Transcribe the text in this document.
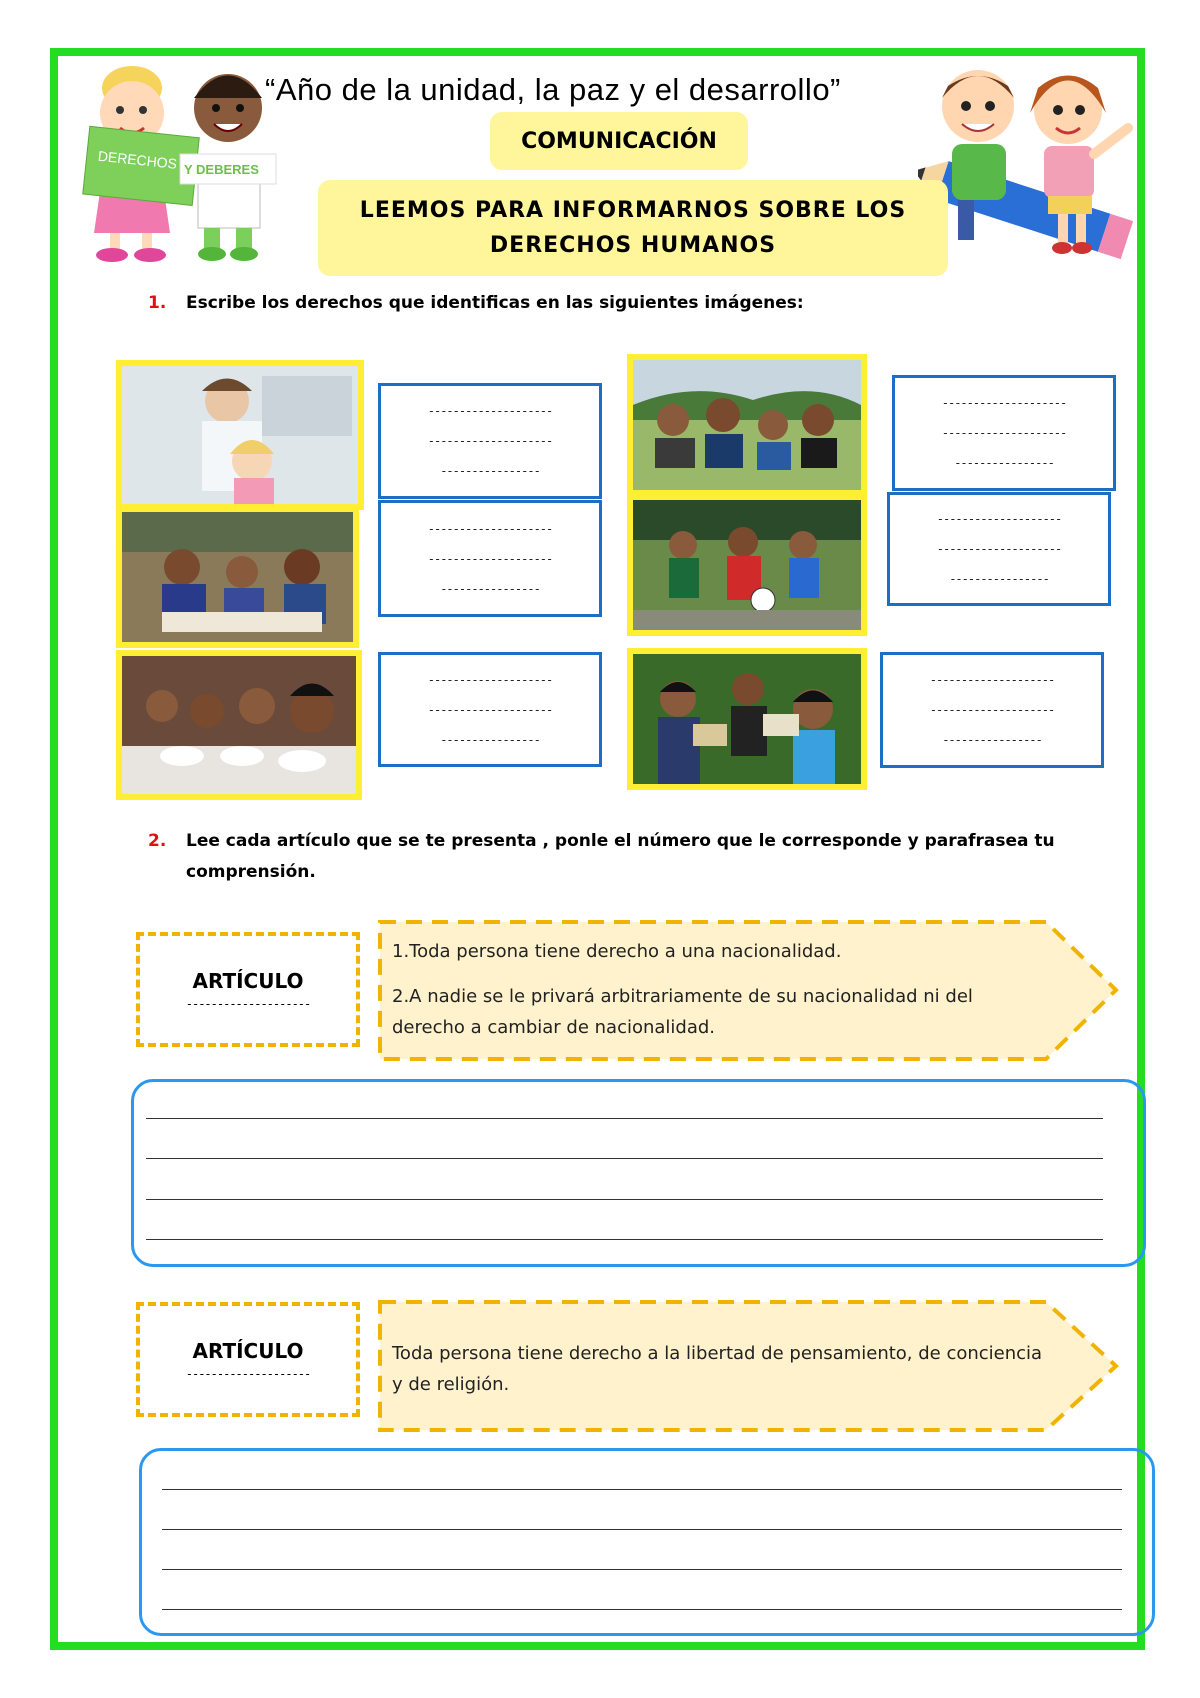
DERECHOS Y DEBERES
“Año de la unidad, la paz y el desarrollo”
COMUNICACIÓN
LEEMOS PARA INFORMARNOS SOBRE LOS
DERECHOS HUMANOS
1. Escribe los derechos que identificas en las siguientes imágenes:
--------------------
--------------------
----------------
--------------------
--------------------
----------------
--------------------
--------------------
----------------
--------------------
--------------------
----------------
--------------------
--------------------
----------------
--------------------
--------------------
----------------
2. Lee cada artículo que se te presenta , ponle el número que le corresponde y parafrasea tu
comprensión.
ARTÍCULO
--------------------
1.Toda persona tiene derecho a una nacionalidad.
2.A nadie se le privará arbitrariamente de su nacionalidad ni del
derecho a cambiar de nacionalidad.
ARTÍCULO
--------------------
Toda persona tiene derecho a la libertad de pensamiento, de conciencia
y de religión.
